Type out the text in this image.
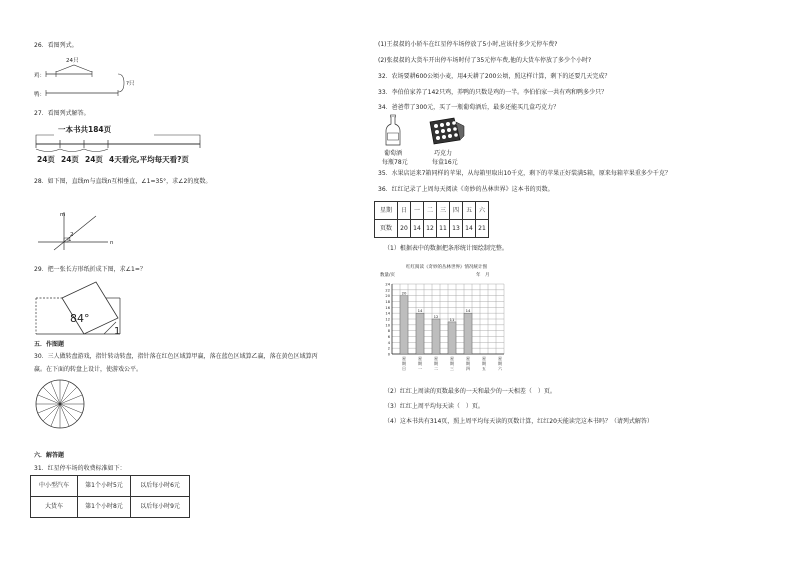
26．看图列式。
24只
鸡：
鸭：
?只
27．看图列式解答。
一本书共184页
24页 24页 24页 4天看完,平均每天看?页
28．如下图，直线m与直线n互相垂直，∠1=35°，求∠2的度数。
m
2
1	n
29．把一张长方形纸折成下图，求∠1=？
84°
1
五．作图题
30．三人做转盘游戏，指针转动转盘，指针落在红色区域算甲赢，落在蓝色区域算乙赢，落在黄色区域算丙
赢。在下面的转盘上设计，使游戏公平。
六．解答题
31．红星停车场的收费标准如下：
中小型汽车	第1个小时5元	以后每小时6元
大货车	第1个小时8元	以后每小时9元
(1)王叔叔的小轿车在红星停车场停放了5小时,应该付多少元停车费?
(2)张叔叔的大货车开出停车场时付了35元停车费,他的大货车停放了多少个小时?
32．农场要耕600公顷小麦，用4天耕了200公顷，照这样计算，剩下的还要几天完成？
33．李伯伯家养了142只鸡，养鸭的只数是鸡的一半。李伯伯家一共有鸡和鸭多少只？
34．爸爸带了300元，买了一瓶葡萄酒后，最多还能买几盒巧克力？
葡萄酒
每瓶78元
巧克力
每盒16元
35．水果店运来7箱同样的苹果，从每箱里取出10千克，剩下的苹果正好装满5箱，原来每箱苹果重多少千克？
36．红红记录了上周每天阅读《奇妙的丛林世界》这本书的页数。
星期	日	一	二	三	四	五	六
页数	20	14	12	11	13	14	21
（1）根据表中的数据把条形统计图绘制完整。
红红阅读《奇妙的丛林世界》情况统计图
年　月
数量/页
0
2
4
6
8
10
12
14
16
18
20
22
24
20
星
期
日
14
星
期
一
12
星
期
二
11
星
期
三
14
星
期
四
星
期
五
星
期
六
（2）红红上周读的页数最多的一天和最少的一天相差（　）页。
（3）红红上周平均每天读（　）页。
（4）这本书共有314页，照上周平均每天读的页数计算，红红20天能读完这本书吗？（请列式解答）
